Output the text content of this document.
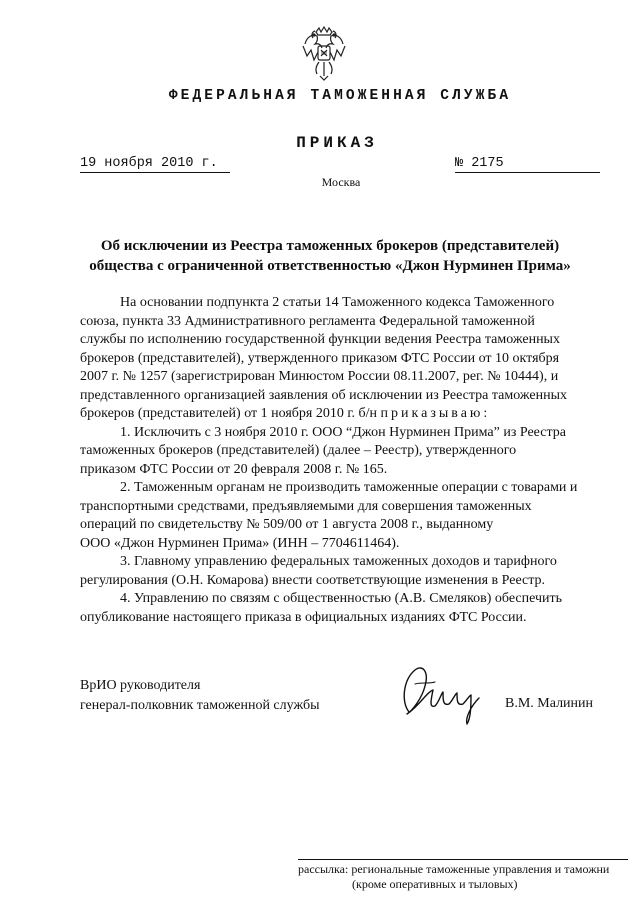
ФЕДЕРАЛЬНАЯ ТАМОЖЕННАЯ СЛУЖБА
ПРИКАЗ
19 ноября 2010 г.	№ 2175
Москва
Об исключении из Реестра таможенных брокеров (представителей)
общества с ограниченной ответственностью «Джон Нурминен Прима»
На основании подпункта 2 статьи 14 Таможенного кодекса Таможенного
союза, пункта 33 Административного регламента Федеральной таможенной
службы по исполнению государственной функции ведения Реестра таможенных
брокеров (представителей), утвержденного приказом ФТС России от 10 октября
2007 г. № 1257 (зарегистрирован Минюстом России 08.11.2007, рег. № 10444), и
представленного организацией заявления об исключении из Реестра таможенных
брокеров (представителей) от 1 ноября 2010 г. б/н приказываю:
1. Исключить с 3 ноября 2010 г. ООО “Джон Нурминен Прима” из Реестра
таможенных брокеров (представителей) (далее – Реестр), утвержденного
приказом ФТС России от 20 февраля 2008 г. № 165.
2. Таможенным органам не производить таможенные операции с товарами и
транспортными средствами, предъявляемыми для совершения таможенных
операций по свидетельству № 509/00 от 1 августа 2008 г., выданному
ООО «Джон Нурминен Прима» (ИНН – 7704611464).
3. Главному управлению федеральных таможенных доходов и тарифного
регулирования (О.Н. Комарова) внести соответствующие изменения в Реестр.
4. Управлению по связям с общественностью (А.В. Смеляков) обеспечить
опубликование настоящего приказа в официальных изданиях ФТС России.
ВрИО руководителя
генерал-полковник таможенной службы	В.М. Малинин
рассылка: региональные таможенные управления и таможни
(кроме оперативных и тыловых)
